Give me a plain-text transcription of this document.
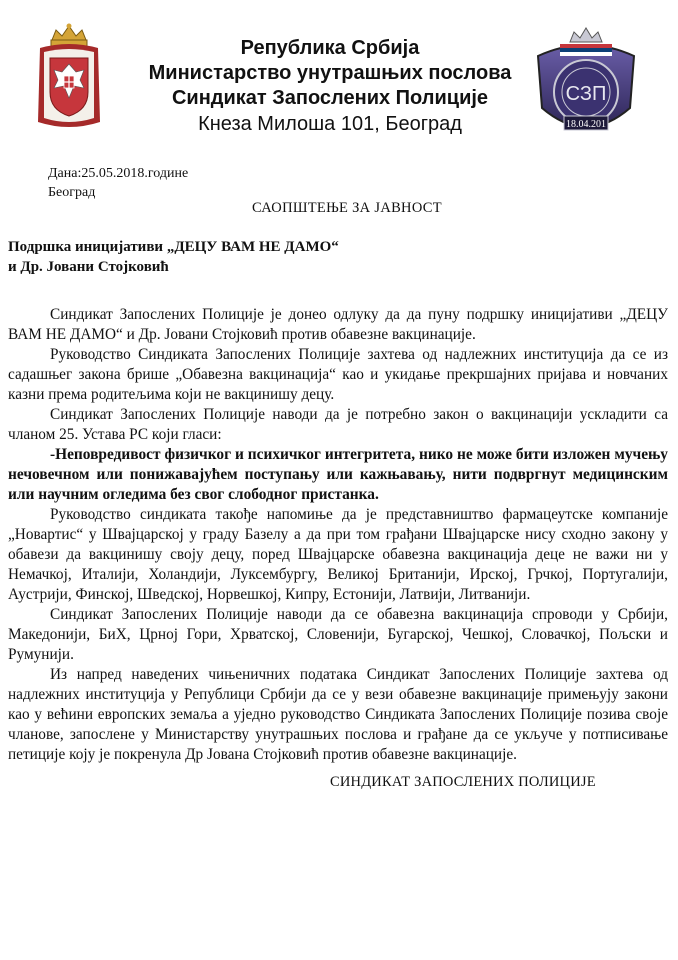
Република Србија

Министарство унутрашњих послова

Синдикат Запослених Полиције

Кнеза Милоша 101, Београд

СЗП
18.04.201
Дана:25.05.2018.године
Београд
САОПШТЕЊЕ ЗА ЈАВНОСТ
Подршка иницијативи „ДЕЦУ ВАМ НЕ ДАМО“
и Др. Јовани Стојковић

Синдикат Запослених Полиције је донео одлуку да да пуну подршку иницијативи „ДЕЦУ ВАМ НЕ ДАМО“ и Др. Јовани Стојковић против обавезне вакцинације.

Руководство Синдиката Запослених Полиције захтева од надлежних институција да се из садашњег закона брише „Обавезна вакцинација“ као и укидање прекршајних пријава и новчаних казни према родитељима који не вакцинишу децу.

Синдикат Запослених Полиције наводи да је потребно закон о вакцинацији ускладити са чланом 25. Устава РС који гласи:

-Неповредивост физичког и психичког интегритета, нико не може бити изложен мучењу нечовечном или понижавајућем поступању или кажњавању, нити подвргнут медицинским или научним огледима без свог слободног пристанка.

Руководство синдиката такође напомиње да је представништво фармацеутске компаније „Новартис“ у Швајцарској у граду Базелу а да при том грађани Швајцарске нису сходно закону у обавези да вакцинишу своју децу, поред Швајцарске обавезна вакцинација деце не важи ни у Немачкој, Италији, Холандији, Луксембургу, Великој Британији, Ирској, Грчкој, Португалији, Аустрији, Финској, Шведској, Норвешкој, Кипру, Естонији, Латвији, Литванији.

Синдикат Запослених Полиције наводи да се обавезна вакцинација спроводи у Србији, Македонији, БиХ, Црној Гори, Хрватској, Словенији, Бугарској, Чешкој, Словачкој, Пољски и Румунији.

Из напред наведених чињеничних података Синдикат Запослених Полиције захтева од надлежних институција у Републици Србији да се у вези обавезне вакцинације примењују закони као у већини европских земаља а уједно руководство Синдиката Запослених Полиције позива своје чланове, запослене у Министарству унутрашњих послова и грађане да се укључе у потписивање петиције коју је покренула Др Јована Стојковић против обавезне вакцинације.

СИНДИКАТ ЗАПОСЛЕНИХ ПОЛИЦИЈЕ
